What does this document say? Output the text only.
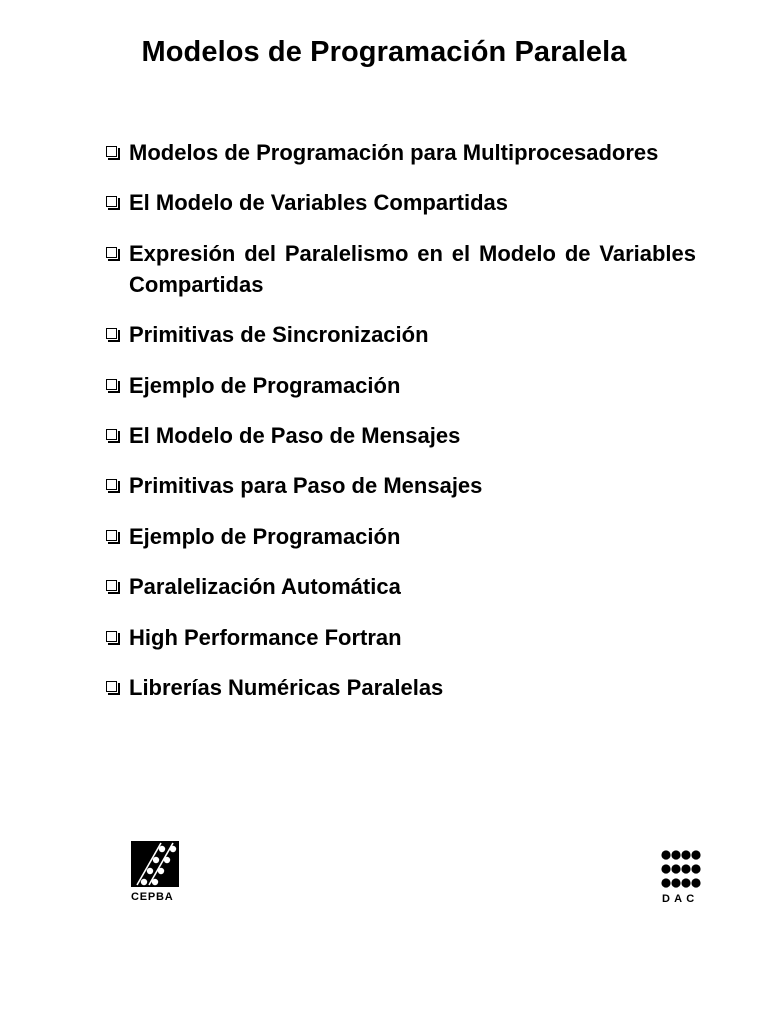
Modelos de Programación Paralela
Modelos de Programación para Multiprocesadores
El Modelo de Variables Compartidas
Expresión del Paralelismo en el Modelo de Variables Compartidas
Primitivas de Sincronización
Ejemplo de Programación
El Modelo de Paso de Mensajes
Primitivas para Paso de Mensajes
Ejemplo de Programación
Paralelización Automática
High Performance Fortran
Librerías Numéricas Paralelas
CEPBA	DAC
